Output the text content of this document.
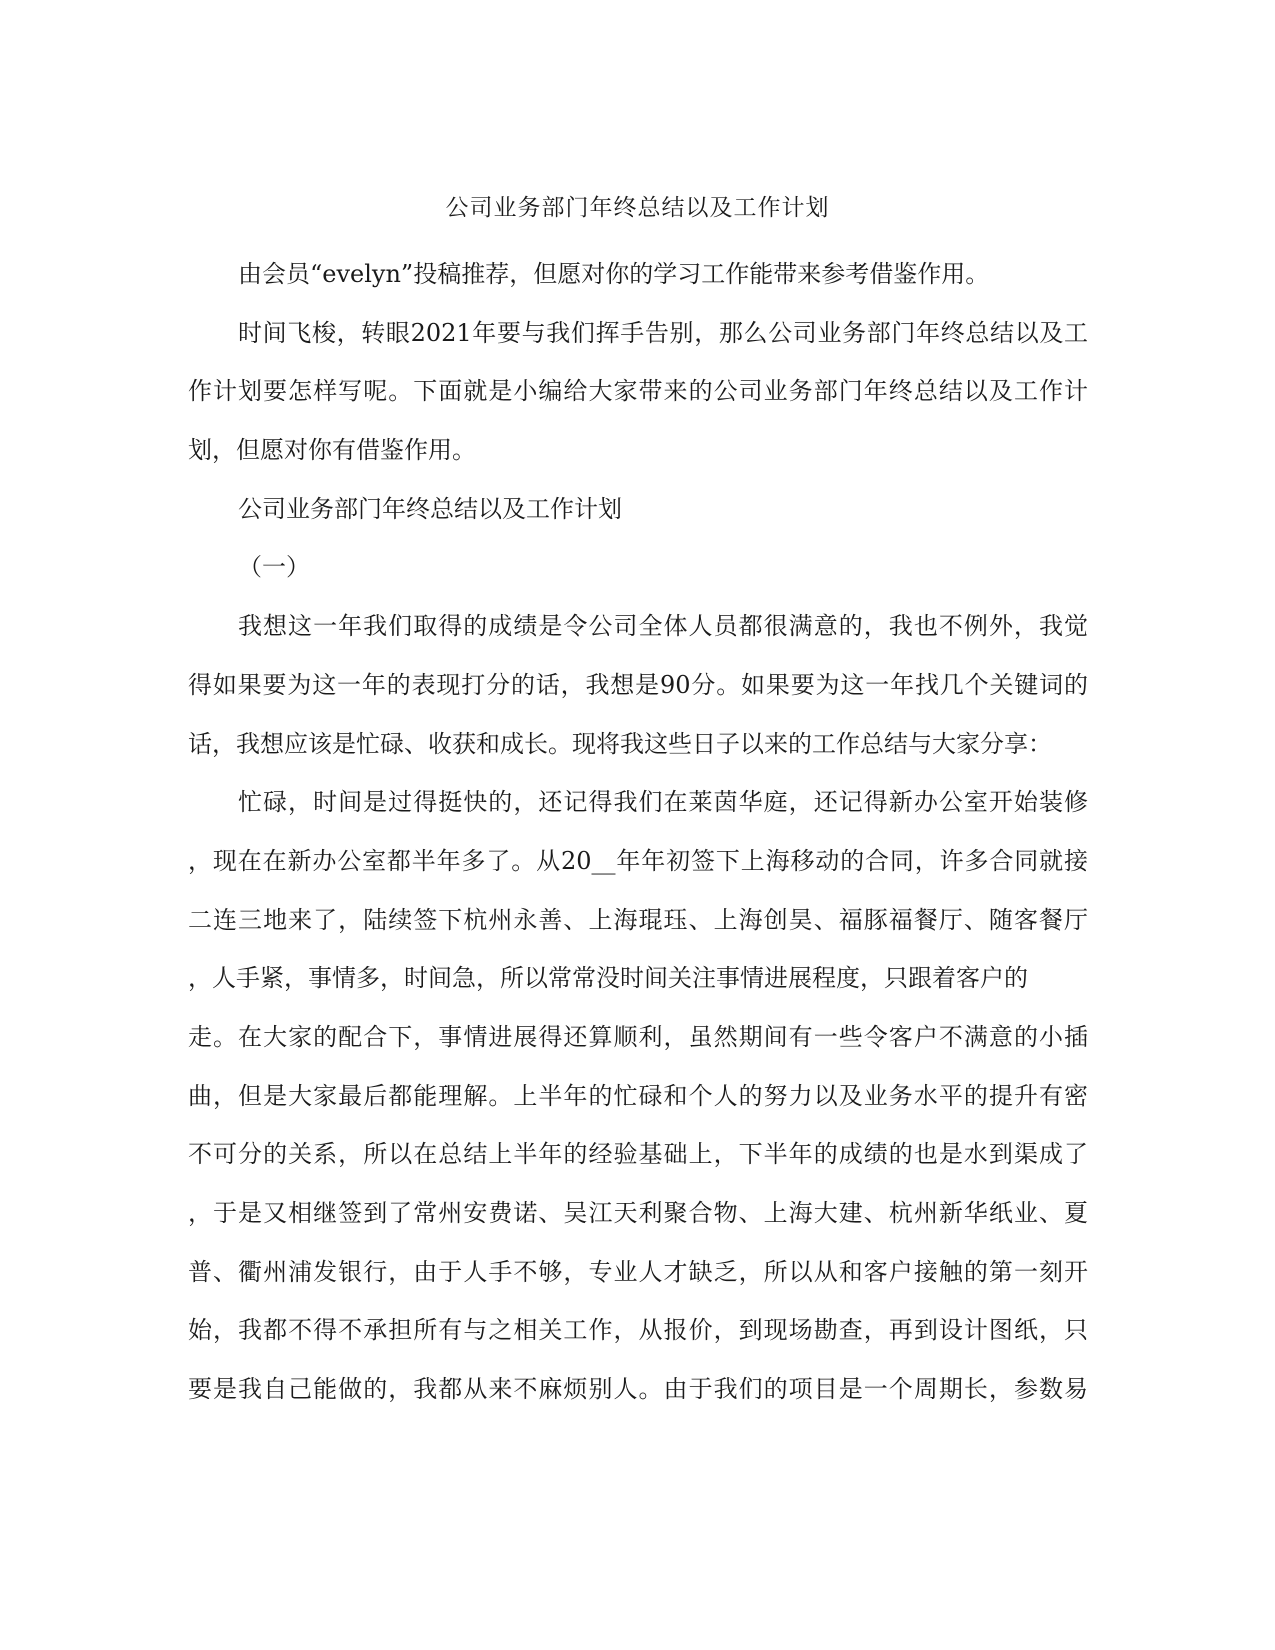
公司业务部门年终总结以及工作计划
由会员“evelyn”投稿推荐，但愿对你的学习工作能带来参考借鉴作用。
时间飞梭，转眼2021年要与我们挥手告别，那么公司业务部门年终总结以及工
作计划要怎样写呢。下面就是小编给大家带来的公司业务部门年终总结以及工作计
划，但愿对你有借鉴作用。
公司业务部门年终总结以及工作计划
（一）
我想这一年我们取得的成绩是令公司全体人员都很满意的，我也不例外，我觉
得如果要为这一年的表现打分的话，我想是90分。如果要为这一年找几个关键词的
话，我想应该是忙碌、收获和成长。现将我这些日子以来的工作总结与大家分享：
忙碌，时间是过得挺快的，还记得我们在莱茵华庭，还记得新办公室开始装修
，现在在新办公室都半年多了。从20__年年初签下上海移动的合同，许多合同就接
二连三地来了，陆续签下杭州永善、上海琨珏、上海创昊、福豚福餐厅、随客餐厅
，人手紧，事情多，时间急，所以常常没时间关注事情进展程度，只跟着客户的
走。在大家的配合下，事情进展得还算顺利，虽然期间有一些令客户不满意的小插
曲，但是大家最后都能理解。上半年的忙碌和个人的努力以及业务水平的提升有密
不可分的关系，所以在总结上半年的经验基础上，下半年的成绩的也是水到渠成了
，于是又相继签到了常州安费诺、吴江天利聚合物、上海大建、杭州新华纸业、夏
普、衢州浦发银行，由于人手不够，专业人才缺乏，所以从和客户接触的第一刻开
始，我都不得不承担所有与之相关工作，从报价，到现场勘查，再到设计图纸，只
要是我自己能做的，我都从来不麻烦别人。由于我们的项目是一个周期长，参数易
